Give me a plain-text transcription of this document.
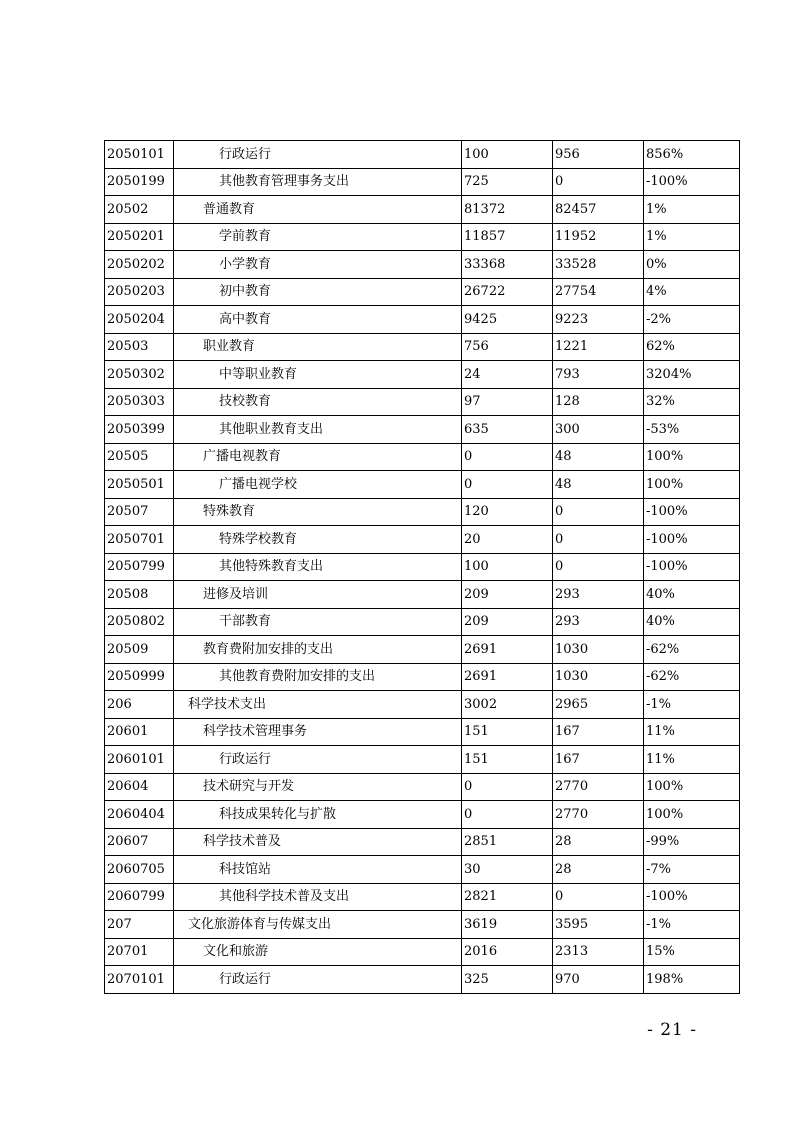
2050101	行政运行	100	956	856%
2050199	其他教育管理事务支出	725	0	-100%
20502	普通教育	81372	82457	1%
2050201	学前教育	11857	11952	1%
2050202	小学教育	33368	33528	0%
2050203	初中教育	26722	27754	4%
2050204	高中教育	9425	9223	-2%
20503	职业教育	756	1221	62%
2050302	中等职业教育	24	793	3204%
2050303	技校教育	97	128	32%
2050399	其他职业教育支出	635	300	-53%
20505	广播电视教育	0	48	100%
2050501	广播电视学校	0	48	100%
20507	特殊教育	120	0	-100%
2050701	特殊学校教育	20	0	-100%
2050799	其他特殊教育支出	100	0	-100%
20508	进修及培训	209	293	40%
2050802	干部教育	209	293	40%
20509	教育费附加安排的支出	2691	1030	-62%
2050999	其他教育费附加安排的支出	2691	1030	-62%
206	科学技术支出	3002	2965	-1%
20601	科学技术管理事务	151	167	11%
2060101	行政运行	151	167	11%
20604	技术研究与开发	0	2770	100%
2060404	科技成果转化与扩散	0	2770	100%
20607	科学技术普及	2851	28	-99%
2060705	科技馆站	30	28	-7%
2060799	其他科学技术普及支出	2821	0	-100%
207	文化旅游体育与传媒支出	3619	3595	-1%
20701	文化和旅游	2016	2313	15%
2070101	行政运行	325	970	198%
- 21 -
